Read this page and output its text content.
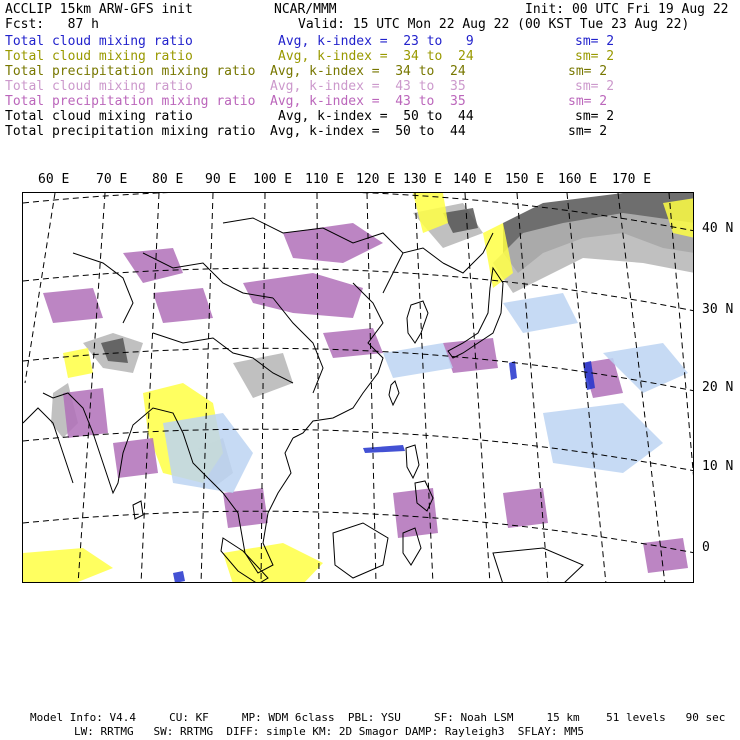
ACCLIP 15km ARW-GFS init	NCAR/MMM	Init: 00 UTC Fri 19 Aug 22
Fcst:   87 h	Valid: 15 UTC Mon 22 Aug 22 (00 KST Tue 23 Aug 22)
Total cloud mixing ratio	Avg, k-index =  23 to   9	sm= 2
Total cloud mixing ratio	Avg, k-index =  34 to  24	sm= 2
Total precipitation mixing ratio Avg, k-index =  34 to  24	sm= 2
Total cloud mixing ratio	Avg, k-index =  43 to  35	sm= 2
Total precipitation mixing ratio Avg, k-index =  43 to  35	sm= 2
Total cloud mixing ratio	Avg, k-index =  50 to  44	sm= 2
Total precipitation mixing ratio Avg, k-index =  50 to  44	sm= 2
60 E 70 E 80 E 90 E 100 E 110 E 120 E 130 E 140 E 150 E 160 E 170 E
40 N
30 N
20 N
10 N
0
Model Info: V4.4     CU: KF     MP: WDM 6class  PBL: YSU     SF: Noah LSM     15 km    51 levels   90 sec
LW: RRTMG   SW: RRTMG  DIFF: simple KM: 2D Smagor DAMP: Rayleigh3  SFLAY: MM5
